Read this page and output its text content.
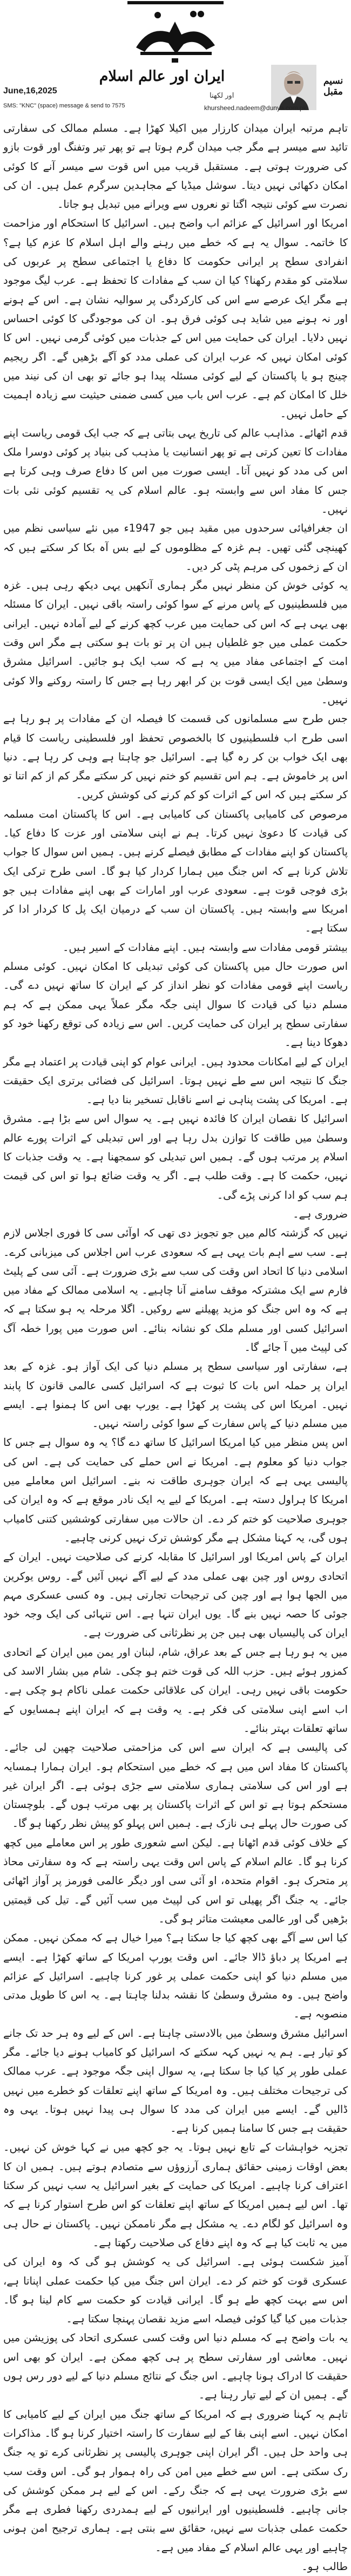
نسیم
مقبل
ایران اور عالم اسلام
اور لکھنا
khursheed.nadeem@dunya.com.pk
June,16,2025
SMS: "KNC" (space) message & send to 7575

تاہم مرتبہ ایران میدان کارزار میں اکیلا کھڑا ہے۔ مسلم ممالک کی سفارتی تائید سے میسر ہے مگر جب میدان گرم ہوتا ہے تو پھر تیر وتفنگ اور قوت بازو کی ضرورت ہوتی ہے۔ مستقبل قریب میں اس قوت سے میسر آنے کا کوئی امکان دکھائی نہیں دیتا۔ سوشل میڈیا کے مجاہدین سرگرم عمل ہیں۔ ان کی نصرت سے کوئی نتیجہ اگتا تو نعروں سے ویرانے میں تبدیل ہو جاتا۔

امریکا اور اسرائیل کے عزائم اب واضح ہیں۔ اسرائیل کا استحکام اور مزاحمت کا خاتمہ۔ سوال یہ ہے کہ خطے میں رہنے والے اہل اسلام کا عزم کیا ہے؟ انفرادی سطح پر ایرانی حکومت کا دفاع یا اجتماعی سطح پر عربوں کی سلامتی کو مقدم رکھنا؟ کیا ان سب کے مفادات کا تحفظ ہے۔ عرب لیگ موجود ہے مگر ایک عرصے سے اس کی کارکردگی پر سوالیہ نشان ہے۔ اس کے ہونے اور نہ ہونے میں شاید ہی کوئی فرق ہو۔ ان کی موجودگی کا کوئی احساس نہیں دلایا۔ ایران کی حمایت میں اس کے جذبات میں کوئی گرمی نہیں۔ اس کا کوئی امکان نہیں کہ عرب ایران کی عملی مدد کو آگے بڑھیں گے۔ اگر ریجیم چینج ہو یا پاکستان کے لیے کوئی مسئلہ پیدا ہو جائے تو بھی ان کی نیند میں خلل کا امکان کم ہے۔ عرب اس باب میں کسی ضمنی حیثیت سے زیادہ اہمیت کے حامل نہیں۔

قدم اٹھائے۔ مذاہب عالم کی تاریخ یہی بتاتی ہے کہ جب ایک قومی ریاست اپنے مفادات کا تعین کرتی ہے تو پھر انسانیت یا مذہب کی بنیاد پر کوئی دوسرا ملک اس کی مدد کو نہیں آتا۔ ایسی صورت میں اس کا دفاع صرف وہی کرتا ہے جس کا مفاد اس سے وابستہ ہو۔ عالم اسلام کی یہ تقسیم کوئی نئی بات نہیں۔

ان جغرافیائی سرحدوں میں مقید ہیں جو 1947ء میں نئے سیاسی نظم میں کھینچی گئی تھیں۔ ہم غزہ کے مظلوموں کے لیے بس آہ بکا کر سکتے ہیں کہ ان کے زخموں کی مرہم پٹی کر دیں۔

یہ کوئی خوش کن منظر نہیں مگر ہماری آنکھیں یہی دیکھ رہی ہیں۔ غزہ میں فلسطینیوں کے پاس مرنے کے سوا کوئی راستہ باقی نہیں۔ ایران کا مسئلہ بھی یہی ہے کہ اس کی حمایت میں عرب کچھ کرنے کے لیے آمادہ نہیں۔ ایرانی حکمت عملی میں جو غلطیاں ہیں ان پر تو بات ہو سکتی ہے مگر اس وقت امت کے اجتماعی مفاد میں یہ ہے کہ سب ایک ہو جائیں۔ اسرائیل مشرق وسطیٰ میں ایک ایسی قوت بن کر ابھر رہا ہے جس کا راستہ روکنے والا کوئی نہیں۔

جس طرح سے مسلمانوں کی قسمت کا فیصلہ ان کے مفادات پر ہو رہا ہے اسی طرح اب فلسطینیوں کا بالخصوص تحفظ اور فلسطینی ریاست کا قیام بھی ایک خواب بن کر رہ گیا ہے۔ اسرائیل جو چاہتا ہے وہی کر رہا ہے۔ دنیا اس پر خاموش ہے۔ ہم اس تقسیم کو ختم نہیں کر سکتے مگر کم از کم اتنا تو کر سکتے ہیں کہ اس کے اثرات کو کم کرنے کی کوشش کریں۔

مرصوص کی کامیابی پاکستان کی کامیابی ہے۔ اس کا پاکستان امت مسلمہ کی قیادت کا دعویٰ نہیں کرتا۔ ہم نے اپنی سلامتی اور عزت کا دفاع کیا۔ پاکستان کو اپنے مفادات کے مطابق فیصلے کرنے ہیں۔ ہمیں اس سوال کا جواب تلاش کرنا ہے کہ اس جنگ میں ہمارا کردار کیا ہو گا۔ اسی طرح ترکی ایک بڑی فوجی قوت ہے۔ سعودی عرب اور امارات کے بھی اپنے مفادات ہیں جو امریکا سے وابستہ ہیں۔ پاکستان ان سب کے درمیان ایک پل کا کردار ادا کر سکتا ہے۔

بیشتر قومی مفادات سے وابستہ ہیں۔ اپنے مفادات کے اسیر ہیں۔

اس صورت حال میں پاکستان کی کوئی تبدیلی کا امکان نہیں۔ کوئی مسلم ریاست اپنے قومی مفادات کو نظر انداز کر کے ایران کا ساتھ نہیں دے گی۔ مسلم دنیا کی قیادت کا سوال اپنی جگہ مگر عملاً یہی ممکن ہے کہ ہم سفارتی سطح پر ایران کی حمایت کریں۔ اس سے زیادہ کی توقع رکھنا خود کو دھوکا دینا ہے۔

ایران کے لیے امکانات محدود ہیں۔ ایرانی عوام کو اپنی قیادت پر اعتماد ہے مگر جنگ کا نتیجہ اس سے طے نہیں ہوتا۔ اسرائیل کی فضائی برتری ایک حقیقت ہے۔ امریکا کی پشت پناہی نے اسے ناقابل تسخیر بنا دیا ہے۔

اسرائیل کا نقصان ایران کا فائدہ نہیں ہے۔ یہ سوال اس سے بڑا ہے۔ مشرق وسطیٰ میں طاقت کا توازن بدل رہا ہے اور اس تبدیلی کے اثرات پورے عالم اسلام پر مرتب ہوں گے۔ ہمیں اس تبدیلی کو سمجھنا ہے۔ یہ وقت جذبات کا نہیں، حکمت کا ہے۔ وقت طلب ہے۔ اگر یہ وقت ضائع ہوا تو اس کی قیمت ہم سب کو ادا کرنی پڑے گی۔

ضروری ہے۔

نہیں کہ گزشتہ کالم میں جو تجویز دی تھی کہ اوآئی سی کا فوری اجلاس لازم ہے۔ سب سے اہم بات یہی ہے کہ سعودی عرب اس اجلاس کی میزبانی کرے۔ اسلامی دنیا کا اتحاد اس وقت کی سب سے بڑی ضرورت ہے۔ آئی سی کے پلیٹ فارم سے ایک مشترکہ موقف سامنے آنا چاہیے۔ یہ اسلامی ممالک کے مفاد میں ہے کہ وہ اس جنگ کو مزید پھیلنے سے روکیں۔ اگلا مرحلہ یہ ہو سکتا ہے کہ اسرائیل کسی اور مسلم ملک کو نشانہ بنائے۔ اس صورت میں پورا خطہ آگ کی لپیٹ میں آ جائے گا۔

ہے، سفارتی اور سیاسی سطح پر مسلم دنیا کی ایک آواز ہو۔ غزہ کے بعد ایران پر حملہ اس بات کا ثبوت ہے کہ اسرائیل کسی عالمی قانون کا پابند نہیں۔ امریکا اس کی پشت پر کھڑا ہے۔ یورپ بھی اس کا ہمنوا ہے۔ ایسے میں مسلم دنیا کے پاس سفارت کے سوا کوئی راستہ نہیں۔

اس پس منظر میں کیا امریکا اسرائیل کا ساتھ دے گا؟ یہ وہ سوال ہے جس کا جواب دنیا کو معلوم ہے۔ امریکا نے اس حملے کی حمایت کی ہے۔ اس کی پالیسی یہی ہے کہ ایران جوہری طاقت نہ بنے۔ اسرائیل اس معاملے میں امریکا کا ہراول دستہ ہے۔ امریکا کے لیے یہ ایک نادر موقع ہے کہ وہ ایران کی جوہری صلاحیت کو ختم کر دے۔ ان حالات میں سفارتی کوششیں کتنی کامیاب ہوں گی، یہ کہنا مشکل ہے مگر کوشش ترک نہیں کرنی چاہیے۔

ایران کے پاس امریکا اور اسرائیل کا مقابلہ کرنے کی صلاحیت نہیں۔ ایران کے اتحادی روس اور چین بھی عملی مدد کے لیے آگے نہیں آئیں گے۔ روس یوکرین میں الجھا ہوا ہے اور چین کی ترجیحات تجارتی ہیں۔ وہ کسی عسکری مہم جوئی کا حصہ نہیں بنے گا۔ یوں ایران تنہا ہے۔ اس تنہائی کی ایک وجہ خود ایران کی پالیسیاں بھی ہیں جن پر نظرثانی کی ضرورت ہے۔

میں یہ ہو رہا ہے جس کے بعد عراق، شام، لبنان اور یمن میں ایران کے اتحادی کمزور ہوئے ہیں۔ حزب اللہ کی قوت ختم ہو چکی۔ شام میں بشار الاسد کی حکومت باقی نہیں رہی۔ ایران کی علاقائی حکمت عملی ناکام ہو چکی ہے۔ اب اسے اپنی سلامتی کی فکر ہے۔ یہ وقت ہے کہ ایران اپنے ہمسایوں کے ساتھ تعلقات بہتر بنائے۔

کی پالیسی ہے کہ ایران سے اس کی مزاحمتی صلاحیت چھین لی جائے۔ پاکستان کا مفاد اس میں ہے کہ خطے میں استحکام ہو۔ ایران ہمارا ہمسایہ ہے اور اس کی سلامتی ہماری سلامتی سے جڑی ہوئی ہے۔ اگر ایران غیر مستحکم ہوتا ہے تو اس کے اثرات پاکستان پر بھی مرتب ہوں گے۔ بلوچستان کی صورت حال پہلے ہی نازک ہے۔ ہمیں اس پہلو کو پیش نظر رکھنا ہو گا۔

کے خلاف کوئی قدم اٹھانا ہے۔ لیکن اسے شعوری طور پر اس معاملے میں کچھ کرنا ہو گا۔ عالم اسلام کے پاس اس وقت یہی راستہ ہے کہ وہ سفارتی محاذ پر متحرک ہو۔ اقوام متحدہ، او آئی سی اور دیگر عالمی فورمز پر آواز اٹھائی جائے۔ یہ جنگ اگر پھیلی تو اس کی لپیٹ میں سب آئیں گے۔ تیل کی قیمتیں بڑھیں گی اور عالمی معیشت متاثر ہو گی۔

کیا اس سے آگے بھی کچھ کیا جا سکتا ہے؟ میرا خیال ہے کہ ممکن نہیں۔ ممکن ہے امریکا پر دباؤ ڈالا جائے۔ اس وقت یورپ امریکا کے ساتھ کھڑا ہے۔ ایسے میں مسلم دنیا کو اپنی حکمت عملی پر غور کرنا چاہیے۔ اسرائیل کے عزائم واضح ہیں۔ وہ مشرق وسطیٰ کا نقشہ بدلنا چاہتا ہے۔ یہ اس کا طویل مدتی منصوبہ ہے۔

اسرائیل مشرق وسطیٰ میں بالادستی چاہتا ہے۔ اس کے لیے وہ ہر حد تک جانے کو تیار ہے۔ ہم یہ نہیں کہہ سکتے کہ اسرائیل کو کامیاب ہونے دیا جائے۔ مگر عملی طور پر کیا کیا جا سکتا ہے، یہ سوال اپنی جگہ موجود ہے۔ عرب ممالک کی ترجیحات مختلف ہیں۔ وہ امریکا کے ساتھ اپنے تعلقات کو خطرے میں نہیں ڈالیں گے۔ ایسے میں ایران کی مدد کا سوال ہی پیدا نہیں ہوتا۔ یہی وہ حقیقت ہے جس کا سامنا ہمیں کرنا ہے۔

تجزیہ خواہشات کے تابع نہیں ہوتا۔ یہ جو کچھ میں نے کہا خوش کن نہیں۔ بعض اوقات زمینی حقائق ہماری آرزوؤں سے متصادم ہوتے ہیں۔ ہمیں ان کا اعتراف کرنا چاہیے۔ امریکا کی حمایت کے بغیر اسرائیل یہ سب نہیں کر سکتا تھا۔ اس لیے ہمیں امریکا کے ساتھ اپنے تعلقات کو اس طرح استوار کرنا ہے کہ وہ اسرائیل کو لگام دے۔ یہ مشکل ہے مگر ناممکن نہیں۔ پاکستان نے حال ہی میں یہ ثابت کیا ہے کہ وہ اپنے دفاع کی صلاحیت رکھتا ہے۔

آمیز شکست ہوئی ہے۔ اسرائیل کی یہ کوشش ہو گی کہ وہ ایران کی عسکری قوت کو ختم کر دے۔ ایران اس جنگ میں کیا حکمت عملی اپناتا ہے، اس سے بہت کچھ طے ہو گا۔ ایرانی قیادت کو حکمت سے کام لینا ہو گا۔ جذبات میں کیا گیا کوئی فیصلہ اسے مزید نقصان پہنچا سکتا ہے۔

یہ بات واضح ہے کہ مسلم دنیا اس وقت کسی عسکری اتحاد کی پوزیشن میں نہیں۔ معاشی اور سفارتی سطح پر ہی کچھ ممکن ہے۔ ایران کو بھی اس حقیقت کا ادراک ہونا چاہیے۔ اس جنگ کے نتائج مسلم دنیا کے لیے دور رس ہوں گے۔ ہمیں ان کے لیے تیار رہنا ہے۔

تاہم یہ کہنا ضروری ہے کہ امریکا کے ساتھ جنگ میں ایران کے لیے کامیابی کا امکان نہیں۔ اسے اپنی بقا کے لیے سفارت کا راستہ اختیار کرنا ہو گا۔ مذاکرات ہی واحد حل ہیں۔ اگر ایران اپنی جوہری پالیسی پر نظرثانی کرے تو یہ جنگ رک سکتی ہے۔ اس سے خطے میں امن کی راہ ہموار ہو گی۔ اس وقت سب سے بڑی ضرورت یہی ہے کہ جنگ رکے۔ اس کے لیے ہر ممکن کوشش کی جانی چاہیے۔ فلسطینیوں اور ایرانیوں کے لیے ہمدردی رکھنا فطری ہے مگر حکمت عملی جذبات سے نہیں، حقائق سے بنتی ہے۔ ہماری ترجیح امن ہونی چاہیے اور یہی عالم اسلام کے مفاد میں ہے۔

طالب ہو۔
